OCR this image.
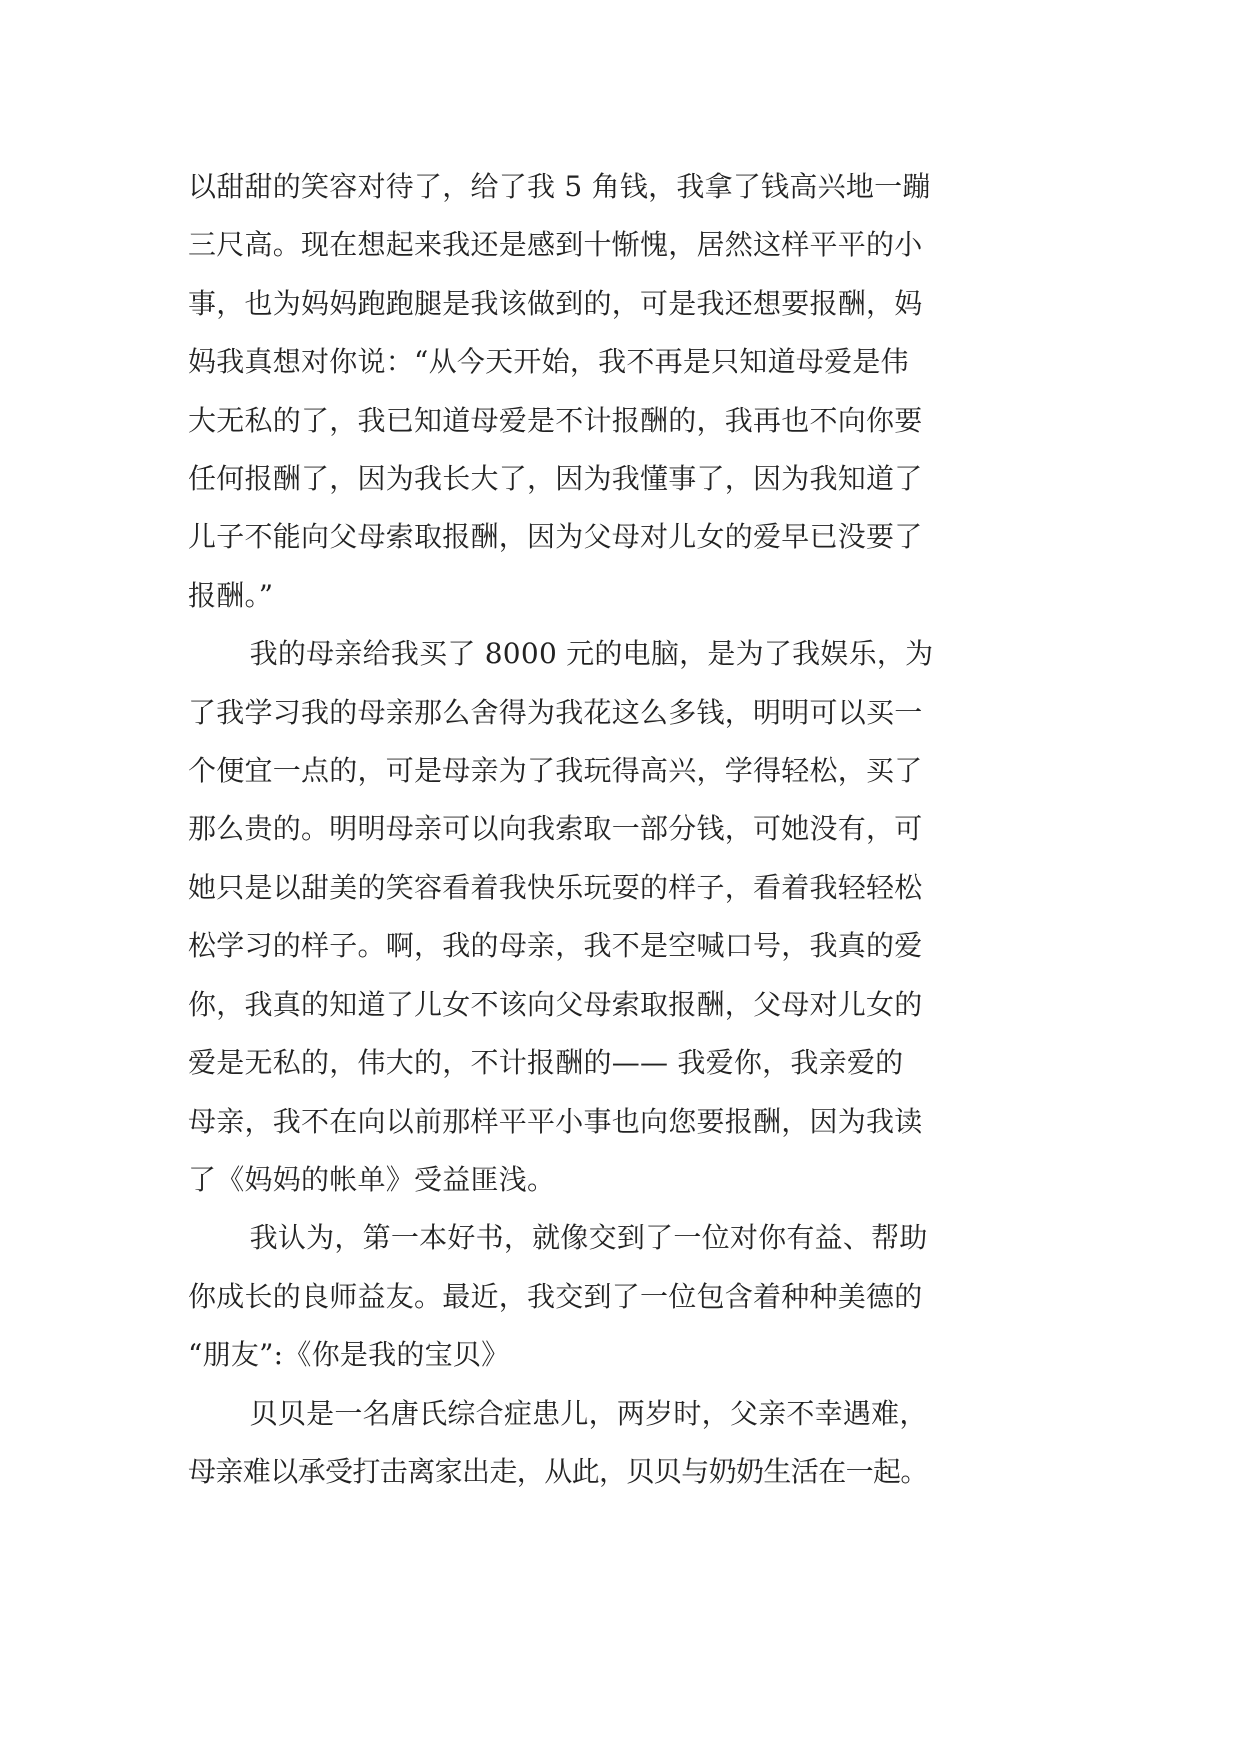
以甜甜的笑容对待了，给了我 5 角钱，我拿了钱高兴地一蹦
三尺高。现在想起来我还是感到十惭愧，居然这样平平的小
事，也为妈妈跑跑腿是我该做到的，可是我还想要报酬，妈
妈我真想对你说：“从今天开始，我不再是只知道母爱是伟
大无私的了，我已知道母爱是不计报酬的，我再也不向你要
任何报酬了，因为我长大了，因为我懂事了，因为我知道了
儿子不能向父母索取报酬，因为父母对儿女的爱早已没要了
报酬。”

我的母亲给我买了 8000 元的电脑，是为了我娱乐，为
了我学习我的母亲那么舍得为我花这么多钱，明明可以买一
个便宜一点的，可是母亲为了我玩得高兴，学得轻松，买了
那么贵的。明明母亲可以向我索取一部分钱，可她没有，可
她只是以甜美的笑容看着我快乐玩耍的样子，看着我轻轻松
松学习的样子。啊，我的母亲，我不是空喊口号，我真的爱
你，我真的知道了儿女不该向父母索取报酬，父母对儿女的
爱是无私的，伟大的，不计报酬的—— 我爱你，我亲爱的
母亲，我不在向以前那样平平小事也向您要报酬，因为我读
了《妈妈的帐单》受益匪浅。

我认为，第一本好书，就像交到了一位对你有益、帮助
你成长的良师益友。最近，我交到了一位包含着种种美德的
“朋友”:《你是我的宝贝》

贝贝是一名唐氏综合症患儿，两岁时，父亲不幸遇难，
母亲难以承受打击离家出走，从此，贝贝与奶奶生活在一起。
